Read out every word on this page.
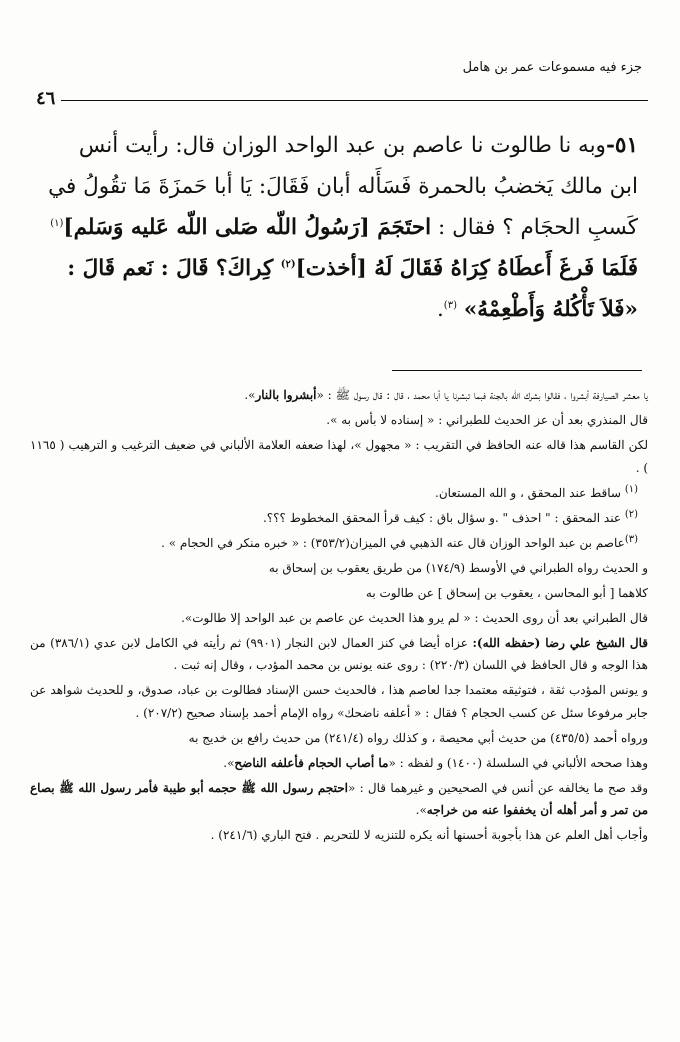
جزء فيه مسموعات عمر بن هامل
٤٦

٥١-وبه نا طالوت نا عاصم بن عبد الواحد الوزان قال: رأيت أنس

ابن مالك يَخضبُ بالحمرة فَسَأَله أبان فَقَالَ: يَا أبا حَمزَةَ مَا تقُولُ في

كَسبِ الحجَام ؟ فقال : احتَجَمَ [رَسُولُ اللّه صَلى اللّه عَليه وَسَلم]$^{(١)}$

فَلَمَا فَرغَ أَعطَاهُ كِرَاهُ فَقَالَ لَهُ [أخذت]$^{(٢)}$ كِراكَ؟ قَالَ : نَعم قَالَ :

«فَلاَ تَأْكُلهُ وَأَطْعِمْهُ» $^{(٣)}$.

يا معشر الصيارفة أبشروا ، فقالوا بشرك الله بالجنة فبما تبشرنا يا أبا محمد ، قال : قال رسول ﷺ : «أبشروا بالنار».

قال المنذري بعد أن عز الحديث للطبراني : « إسناده لا بأس به ».

لكن القاسم هذا قاله عنه الحافظ في التقريب : « مجهول »، لهذا ضعفه العلامة الألباني في ضعيف الترغيب و الترهيب ( ١١٦٥ ) .

$^{(١)}$ ساقط عند المحقق ، و الله المستعان.

$^{(٢)}$ عند المحقق : " احذف " .و سؤال باق : كيف قرأ المحقق المخطوط ؟؟؟.

$^{(٣)}$عاصم بن عبد الواحد الوزان قال عنه الذهبي في الميزان(٣٥٣/٢) : « خبره منكر في الحجام » .

و الحديث رواه الطبراني في الأوسط (١٧٤/٩) من طريق يعقوب بن إسحاق به

كلاهما [ أبو المحاسن ، يعقوب بن إسحاق ] عن طالوت به

قال الطبراني بعد أن روى الحديث : « لم يرو هذا الحديث عن عاصم بن عبد الواحد إلا طالوت».

قال الشيخ علي رضا (حفظه الله): عزاه أيضا في كنز العمال لابن النجار (٩٩٠١) ثم رأيته في الكامل لابن عدي (٣٨٦/١) من هذا الوجه و قال الحافظ في اللسان (٢٢٠/٣) : روى عنه يونس بن محمد المؤدب ، وقال إنه ثبت .

و يونس المؤدب ثقة ، فتوثيقه معتمدا جدا لعاصم هذا ، فالحديث حسن الإسناد فطالوت بن عباد، صدوق، و للحديث شواهد عن جابر مرفوعا سئل عن كسب الحجام ؟ فقال : « أعلفه ناضحك» رواه الإمام أحمد بإسناد صحيح (٢٠٧/٢) .

ورواه أحمد (٤٣٥/٥) من حديث أبي محيصة ، و كذلك رواه (٢٤١/٤) من حديث رافع بن خديج به

وهذا صححه الألباني في السلسلة (١٤٠٠) و لفظه : «ما أصاب الحجام فأعلفه الناضح».

وقد صح ما يخالفه عن أنس في الصحيحين و غيرهما قال : «احتجم رسول الله ﷺ حجمه أبو طيبة فأمر رسول الله ﷺ بصاع من تمر و أمر أهله أن يخففوا عنه من خراجه».

وأجاب أهل العلم عن هذا بأجوبة أحسنها أنه يكره للتنزيه لا للتحريم . فتح الباري (٢٤١/٦) .
